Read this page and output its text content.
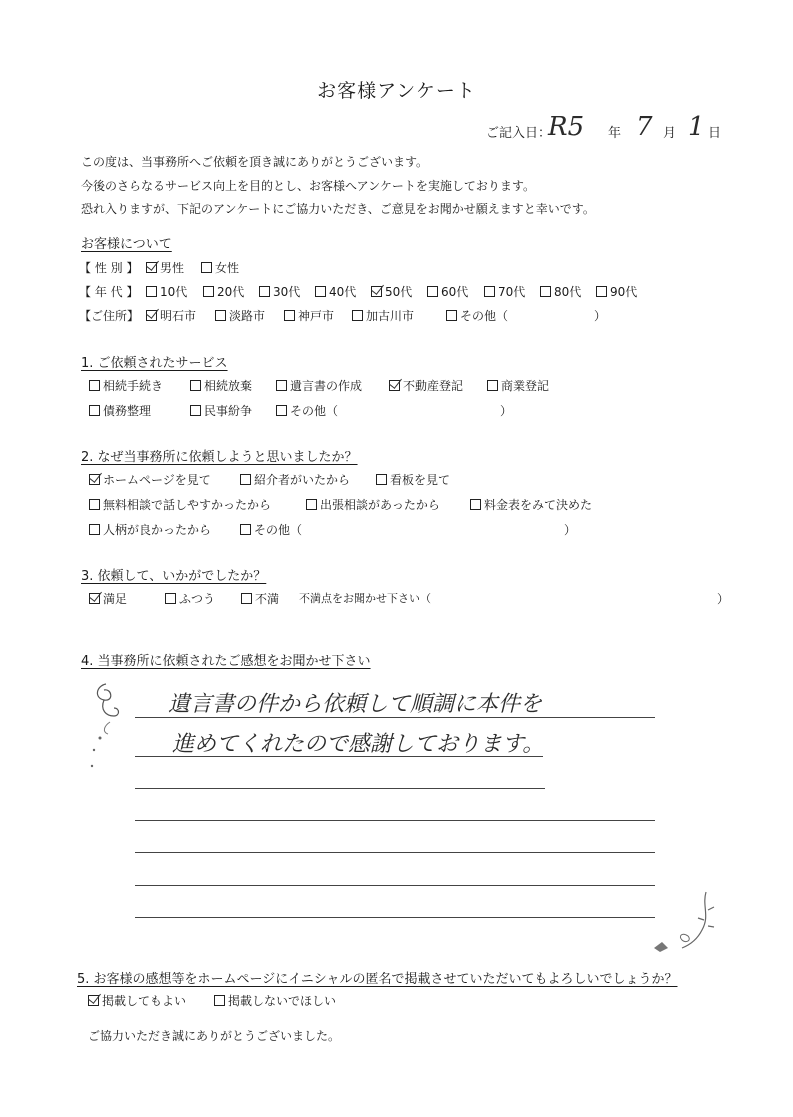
お客様アンケート
ご記入日：
R5 年 7 月 1 日
この度は、当事務所へご依頼を頂き誠にありがとうございます。
今後のさらなるサービス向上を目的とし、お客様へアンケートを実施しております。
恐れ入りますが、下記のアンケートにご協力いただき、ご意見をお聞かせ願えますと幸いです。
お客様について
【 性 別 】	男性	女性
【 年 代 】	10代	20代	30代	40代	50代	60代	70代	80代	90代
【ご住所】	明石市	淡路市	神戸市	加古川市	その他（	）
1. ご依頼されたサービス
相続手続き	相続放棄	遺言書の作成	不動産登記	商業登記
債務整理	民事紛争	その他（	）
2. なぜ当事務所に依頼しようと思いましたか？
ホームページを見て	紹介者がいたから	看板を見て
無料相談で話しやすかったから	出張相談があったから	料金表をみて決めた
人柄が良かったから	その他（	）
3. 依頼して、いかがでしたか？
満足	ふつう	不満 不満点をお聞かせ下さい（	）
4. 当事務所に依頼されたご感想をお聞かせ下さい
遺言書の件から依頼して順調に本件を
進めてくれたので感謝しております。
5. お客様の感想等をホームページにイニシャルの匿名で掲載させていただいてもよろしいでしょうか？
掲載してもよい	掲載しないでほしい
ご協力いただき誠にありがとうございました。
